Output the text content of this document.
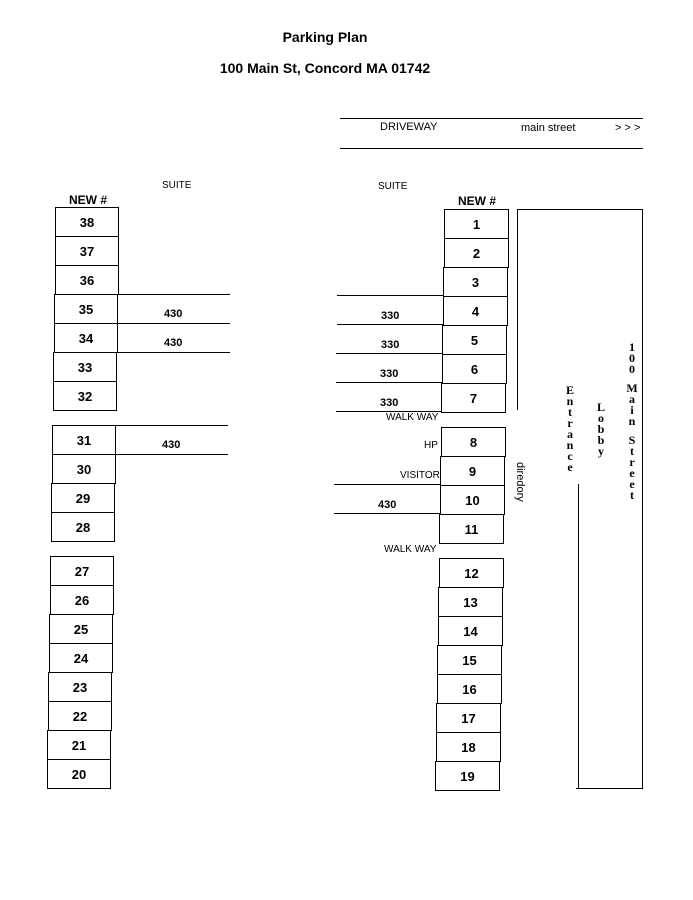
Parking Plan
100 Main St, Concord MA 01742
DRIVEWAY	main street	> > >
SUITE
NEW #
38
37
36
35
34
33
32
31
30
29
28
27
26
25
24
23
22
21
20
430
430
430
SUITE
NEW #
1
2
3
4
5
6
7
8
9
10
11
12
13
14
15
16
17
18
19
330
330
330
330
430
WALK WAY
HP
VISITOR
WALK WAY
diredory
E
n
t
r
a
n
c
e
L
o
b
b
y
1
0
0
M
a
i
n
S
t
r
e
e
t
